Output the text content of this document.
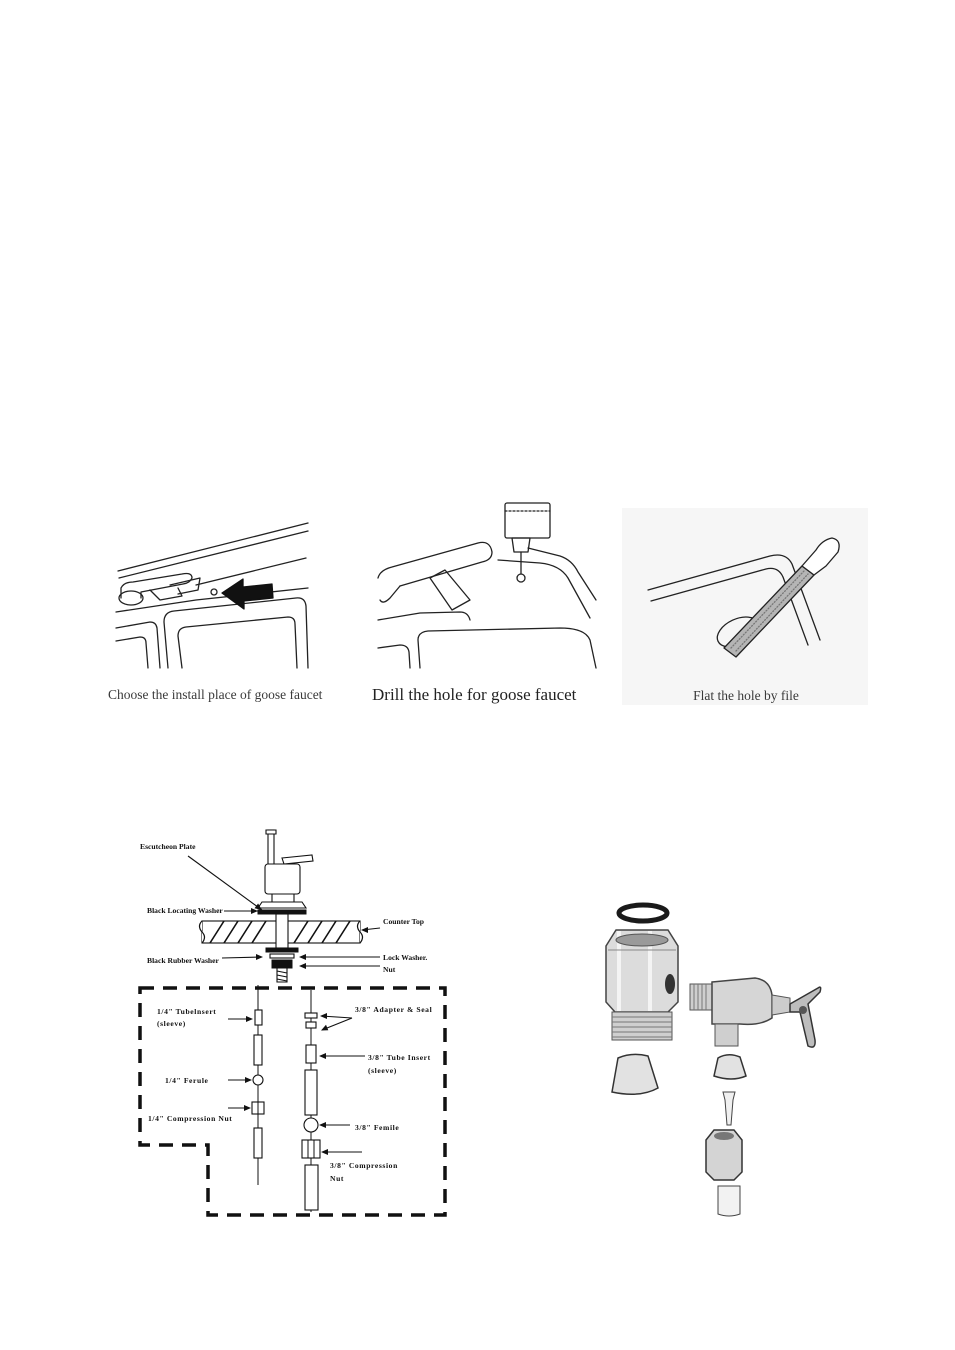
Choose the install place of goose faucet	Drill the hole for goose faucet	Flat the hole by file
Escutcheon Plate
Black Locating Washer
Counter Top
Black Rubber Washer	Lock Washer.
Nut
1/4" Tubelnsert
(sleeve)
3/8" Adapter & Seal
3/8" Tube Insert
(sleeve)
1/4" Ferule
1/4" Compression Nut
3/8" Femile
3/8" Compression
Nut
